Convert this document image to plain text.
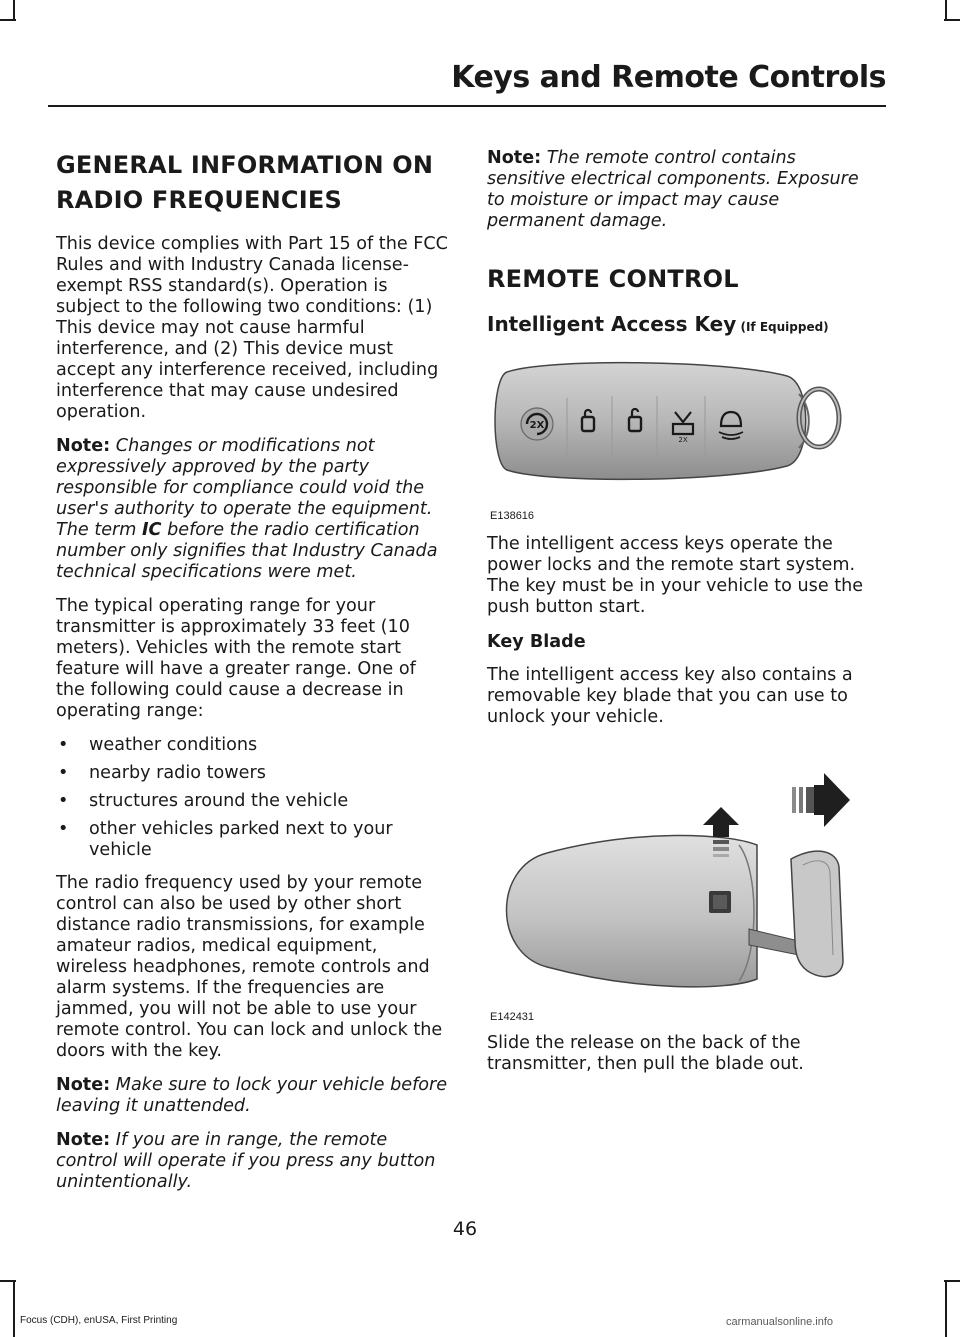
Keys and Remote Controls
GENERAL INFORMATION ON RADIO FREQUENCIES

This device complies with Part 15 of the FCC Rules and with Industry Canada license-exempt RSS standard(s). Operation is subject to the following two conditions: (1) This device may not cause harmful interference, and (2) This device must accept any interference received, including interference that may cause undesired operation.

Note: Changes or modifications not expressively approved by the party responsible for compliance could void the user's authority to operate the equipment. The term IC before the radio certification number only signifies that Industry Canada technical specifications were met.

The typical operating range for your transmitter is approximately 33 feet (10 meters). Vehicles with the remote start feature will have a greater range. One of the following could cause a decrease in operating range:

• weather conditions
• nearby radio towers
• structures around the vehicle
• other vehicles parked next to your vehicle

The radio frequency used by your remote control can also be used by other short distance radio transmissions, for example amateur radios, medical equipment, wireless headphones, remote controls and alarm systems. If the frequencies are jammed, you will not be able to use your remote control. You can lock and unlock the doors with the key.

Note: Make sure to lock your vehicle before leaving it unattended.

Note: If you are in range, the remote control will operate if you press any button unintentionally.

Note: The remote control contains sensitive electrical components. Exposure to moisture or impact may cause permanent damage.

REMOTE CONTROL
Intelligent Access Key (If Equipped)
2X
2X
E138616

The intelligent access keys operate the power locks and the remote start system. The key must be in your vehicle to use the push button start.

Key Blade

The intelligent access key also contains a removable key blade that you can use to unlock your vehicle.

E142431

Slide the release on the back of the transmitter, then pull the blade out.

46
Focus (CDH), enUSA, First Printing	carmanualsonline.info
